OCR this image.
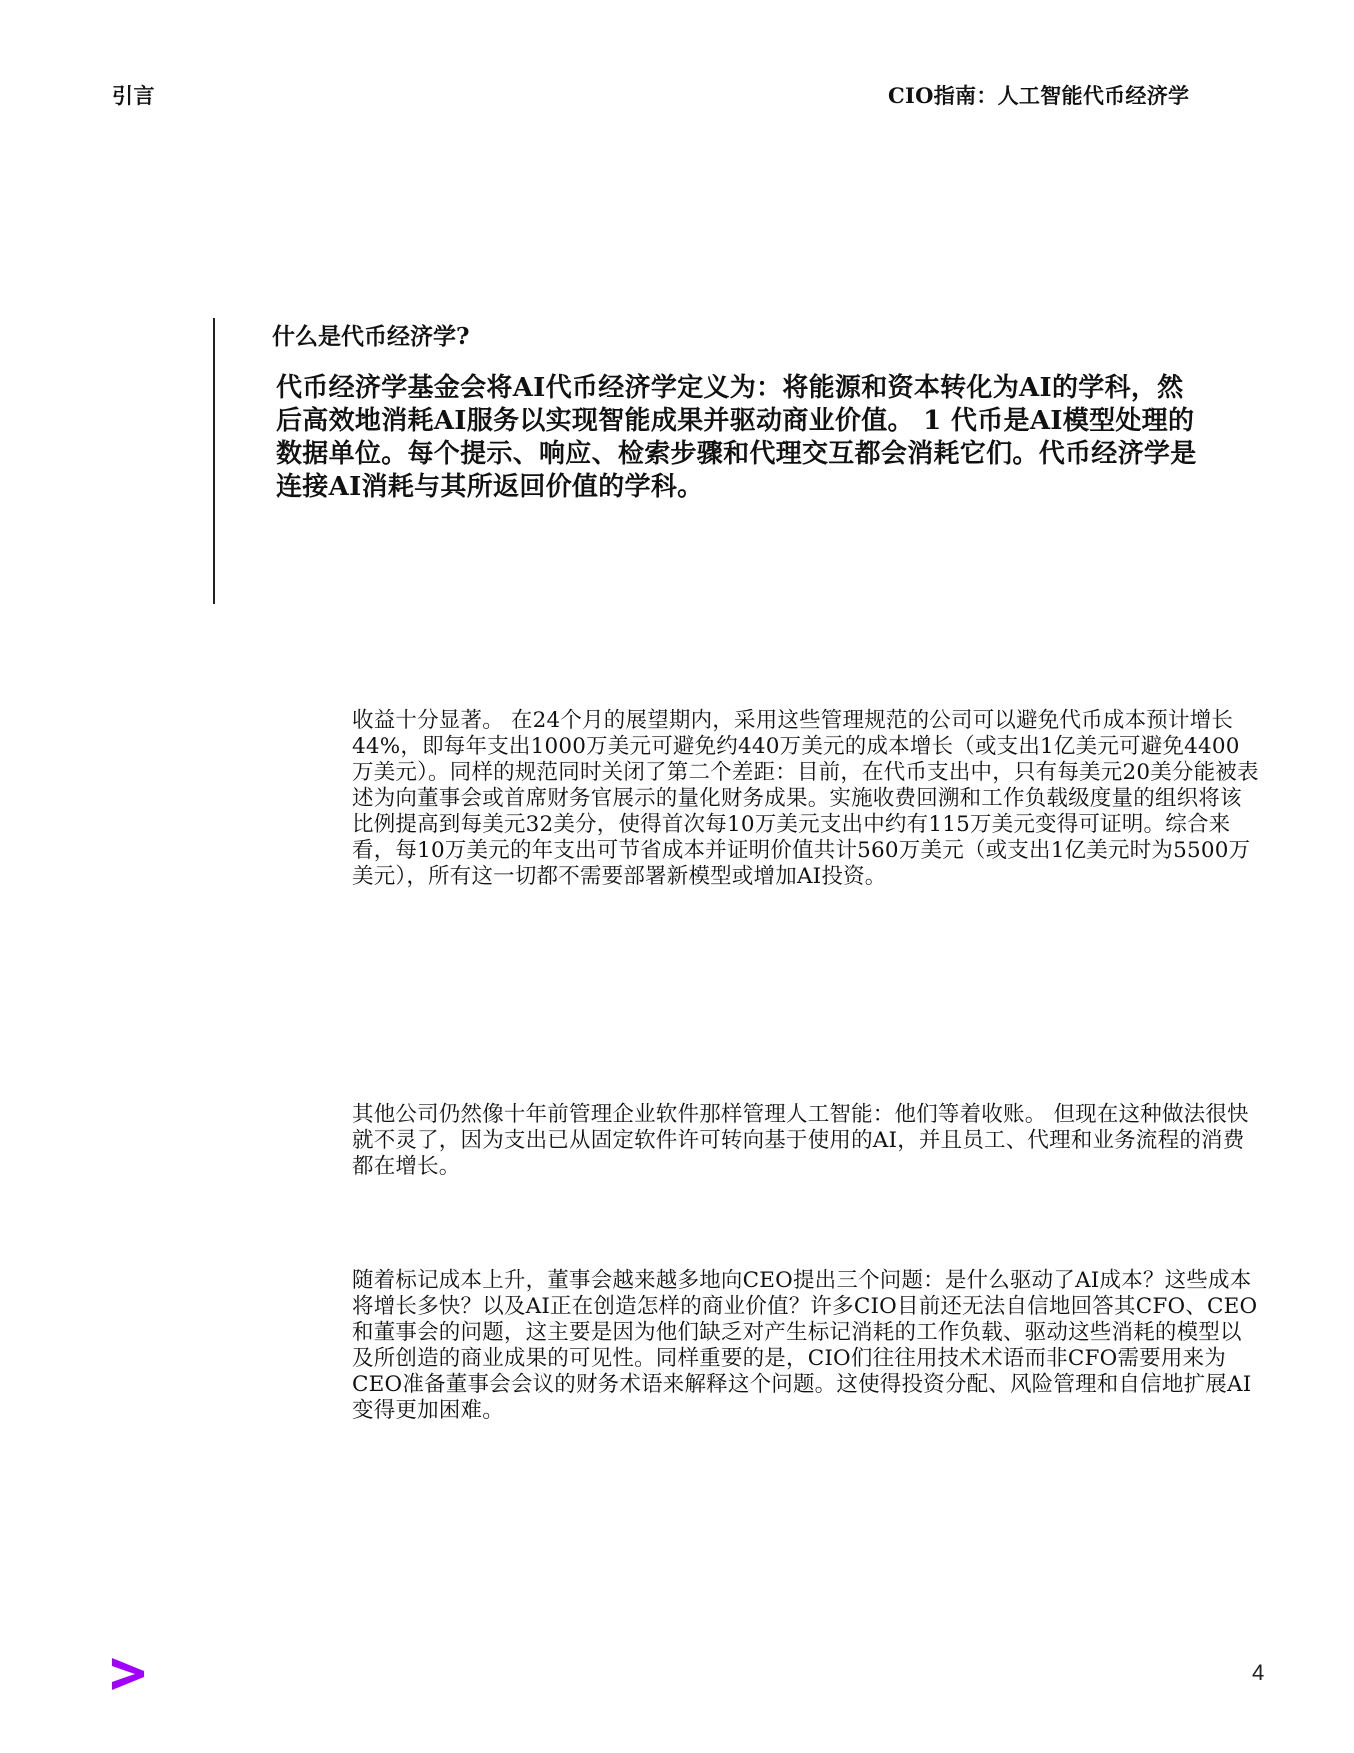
引言	CIO指南：人工智能代币经济学
什么是代币经济学?
代币经济学基金会将AI代币经济学定义为：将能源和资本转化为AI的学科，然后高效地消耗AI服务以实现智能成果并驱动商业价值。 1 代币是AI模型处理的数据单位。每个提示、响应、检索步骤和代理交互都会消耗它们。代币经济学是连接AI消耗与其所返回价值的学科。
收益十分显著。 在24个月的展望期内，采用这些管理规范的公司可以避免代币成本预计增长44%，即每年支出1000万美元可避免约440万美元的成本增长（或支出1亿美元可避免4400万美元）。同样的规范同时关闭了第二个差距：目前，在代币支出中，只有每美元20美分能被表述为向董事会或首席财务官展示的量化财务成果。实施收费回溯和工作负载级度量的组织将该比例提高到每美元32美分，使得首次每10万美元支出中约有115万美元变得可证明。综合来看，每10万美元的年支出可节省成本并证明价值共计560万美元（或支出1亿美元时为5500万美元），所有这一切都不需要部署新模型或增加AI投资。
其他公司仍然像十年前管理企业软件那样管理人工智能：他们等着收账。 但现在这种做法很快就不灵了，因为支出已从固定软件许可转向基于使用的AI，并且员工、代理和业务流程的消费都在增长。
随着标记成本上升，董事会越来越多地向CEO提出三个问题：是什么驱动了AI成本？这些成本将增长多快？以及AI正在创造怎样的商业价值？许多CIO目前还无法自信地回答其CFO、CEO和董事会的问题，这主要是因为他们缺乏对产生标记消耗的工作负载、驱动这些消耗的模型以及所创造的商业成果的可见性。同样重要的是，CIO们往往用技术术语而非CFO需要用来为CEO准备董事会会议的财务术语来解释这个问题。这使得投资分配、风险管理和自信地扩展AI变得更加困难。
4
